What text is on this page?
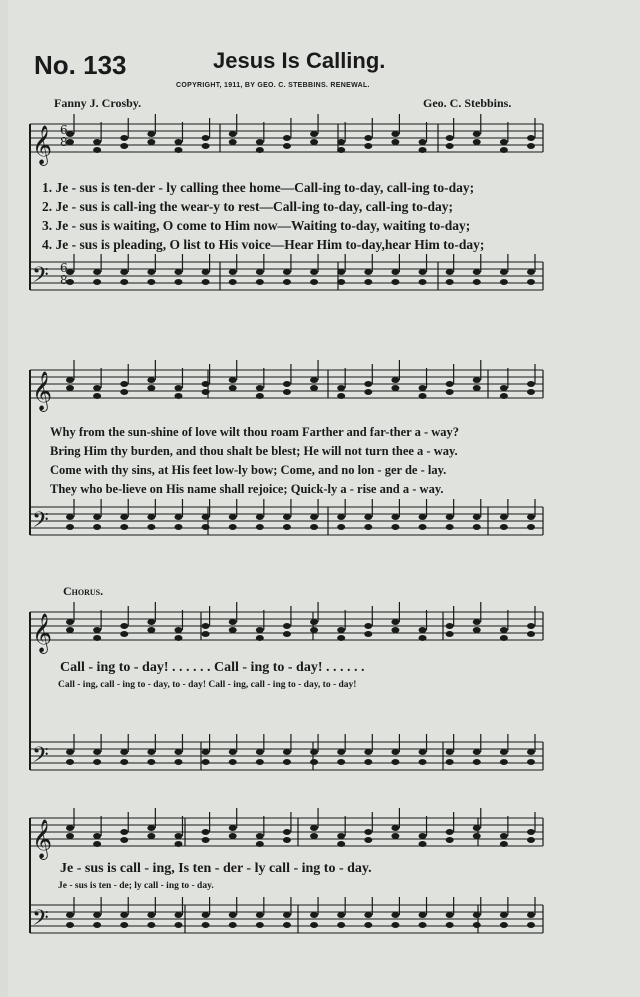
No. 133	Jesus Is Calling.
COPYRIGHT, 1911, BY GEO. C. STEBBINS. RENEWAL.
Fanny J. Crosby.	Geo. C. Stebbins.
𝄞
𝄢
𝄞
𝄢
𝄞
𝄢
𝄞
𝄢
6
8
6
8
1. Je - sus is ten-der - ly calling thee home—Call-ing to-day, call-ing to-day;
2. Je - sus is call-ing the wear-y to rest—Call-ing to-day, call-ing to-day;
3. Je - sus is waiting, O come to Him now—Waiting to-day, waiting to-day;
4. Je - sus is pleading, O list to His voice—Hear Him to-day,hear Him to-day;
Why from the sun-shine of love wilt thou roam Farther and far-ther a - way?
Bring Him thy burden, and thou shalt be blest; He will not turn thee a - way.
Come with thy sins, at His feet low-ly bow; Come, and no lon - ger de - lay.
They who be-lieve on His name shall rejoice; Quick-ly a - rise and a - way.
Chorus.
Call - ing to - day! . . . . . . Call - ing to - day! . . . . . .
Call - ing, call - ing to - day, to - day! Call - ing, call - ing to - day, to - day!
Je - sus is call - ing, Is ten - der - ly call - ing to - day.
Je - sus is ten - de; ly call - ing to - day.
